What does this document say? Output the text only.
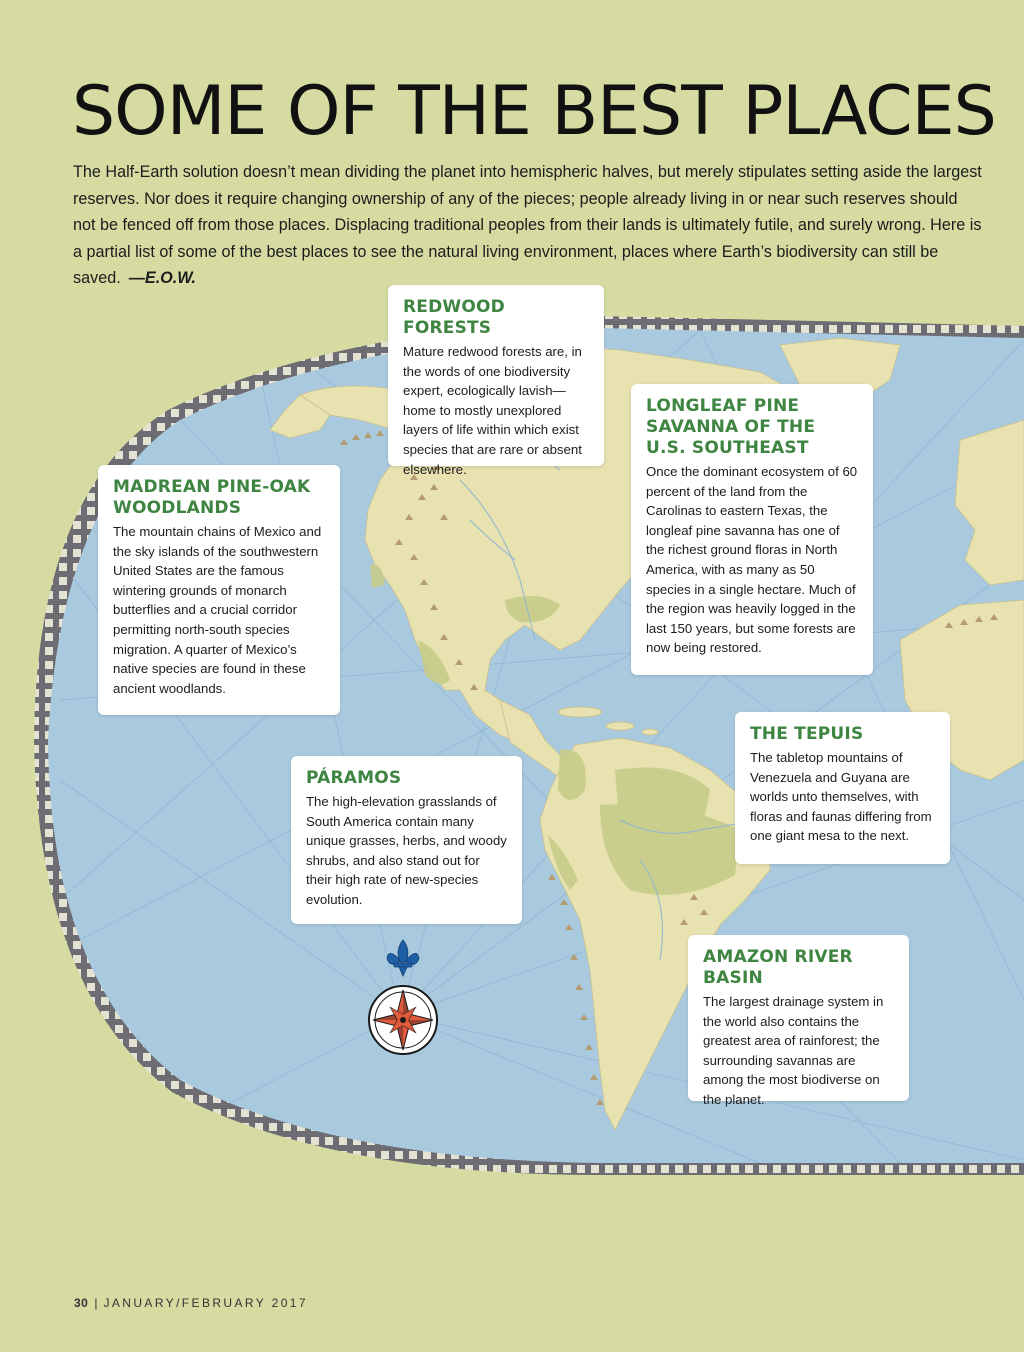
SOME OF THE BEST PLACES

The Half-Earth solution doesn’t mean dividing the planet into hemispheric halves, but merely stipulates setting aside the largest reserves. Nor does it require changing ownership of any of the pieces; people already living in or near such reserves should not be fenced off from those places. Displacing traditional peoples from their lands is ultimately futile, and surely wrong. Here is a partial list of some of the best places to see the natural living environment, places where Earth’s biodiversity can still be saved. —E.O.W.

REDWOOD FORESTS

Mature redwood forests are, in the words of one biodiversity expert, ecologically lavish—home to mostly unexplored layers of life within which exist species that are rare or absent elsewhere.

LONGLEAF PINE SAVANNA OF THE U.S. SOUTHEAST

Once the dominant ecosystem of 60 percent of the land from the Carolinas to eastern Texas, the longleaf pine savanna has one of the richest ground floras in North America, with as many as 50 species in a single hectare. Much of the region was heavily logged in the last 150 years, but some forests are now being restored.

MADREAN PINE-OAK WOODLANDS

The mountain chains of Mexico and the sky islands of the southwestern United States are the famous wintering grounds of monarch butterflies and a crucial corridor permitting north-south species migration. A quarter of Mexico’s native species are found in these ancient woodlands.

THE TEPUIS

The tabletop mountains of Venezuela and Guyana are worlds unto themselves, with floras and faunas differing from one giant mesa to the next.

PÁRAMOS

The high-elevation grasslands of South America contain many unique grasses, herbs, and woody shrubs, and also stand out for their high rate of new-species evolution.

AMAZON RIVER BASIN

The largest drainage system in the world also contains the greatest area of rainforest; the surrounding savannas are among the most biodiverse on the planet.

30 | JANUARY/FEBRUARY 2017
